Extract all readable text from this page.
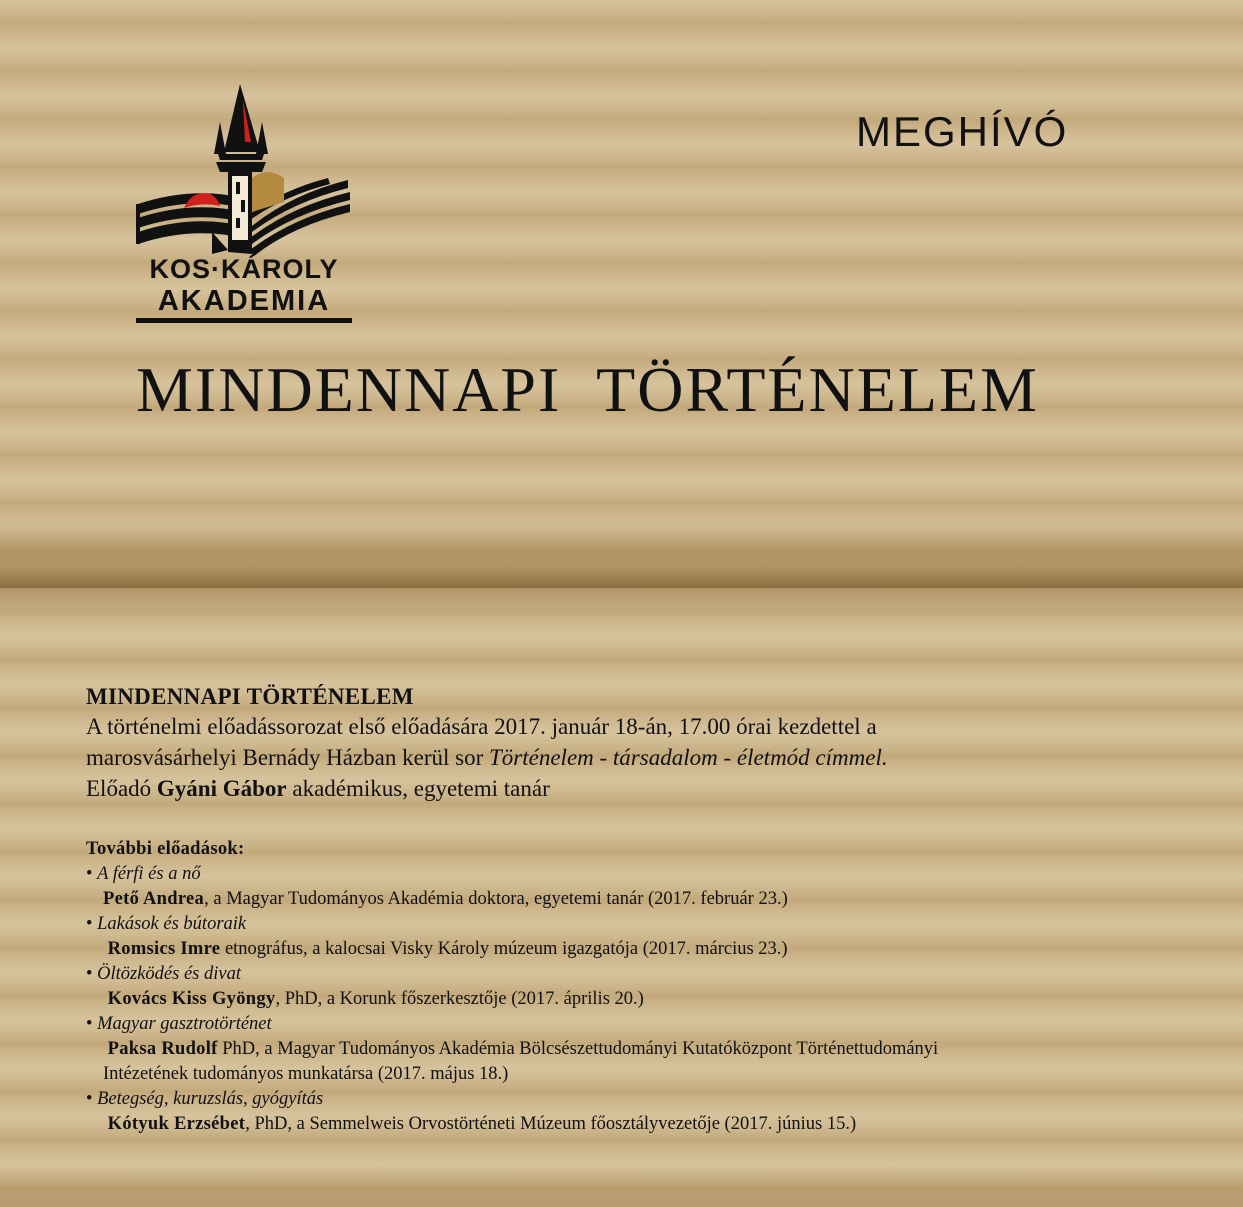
KOS·KÁROLY
AKADEMIA
MEGHÍVÓ
MINDENNAPI  TÖRTÉNELEM
MINDENNAPI TÖRTÉNELEM
A történelmi előadássorozat első előadására 2017. január 18-án, 17.00 órai kezdettel a
marosvásárhelyi Bernády Házban kerül sor Történelem - társadalom - életmód címmel.
Előadó Gyáni Gábor akadémikus, egyetemi tanár
További előadások:
• A férfi és a nő
Pető Andrea, a Magyar Tudományos Akadémia doktora, egyetemi tanár (2017. február 23.)
• Lakások és bútoraik
Romsics Imre etnográfus, a kalocsai Visky Károly múzeum igazgatója (2017. március 23.)
• Öltözködés és divat
Kovács Kiss Gyöngy, PhD, a Korunk főszerkesztője (2017. április 20.)
• Magyar gasztrotörténet
Paksa Rudolf PhD, a Magyar Tudományos Akadémia Bölcsészettudományi Kutatóközpont Történettudományi
Intézetének tudományos munkatársa (2017. május 18.)
• Betegség, kuruzslás, gyógyítás
Kótyuk Erzsébet, PhD, a Semmelweis Orvostörténeti Múzeum főosztályvezetője (2017. június 15.)
